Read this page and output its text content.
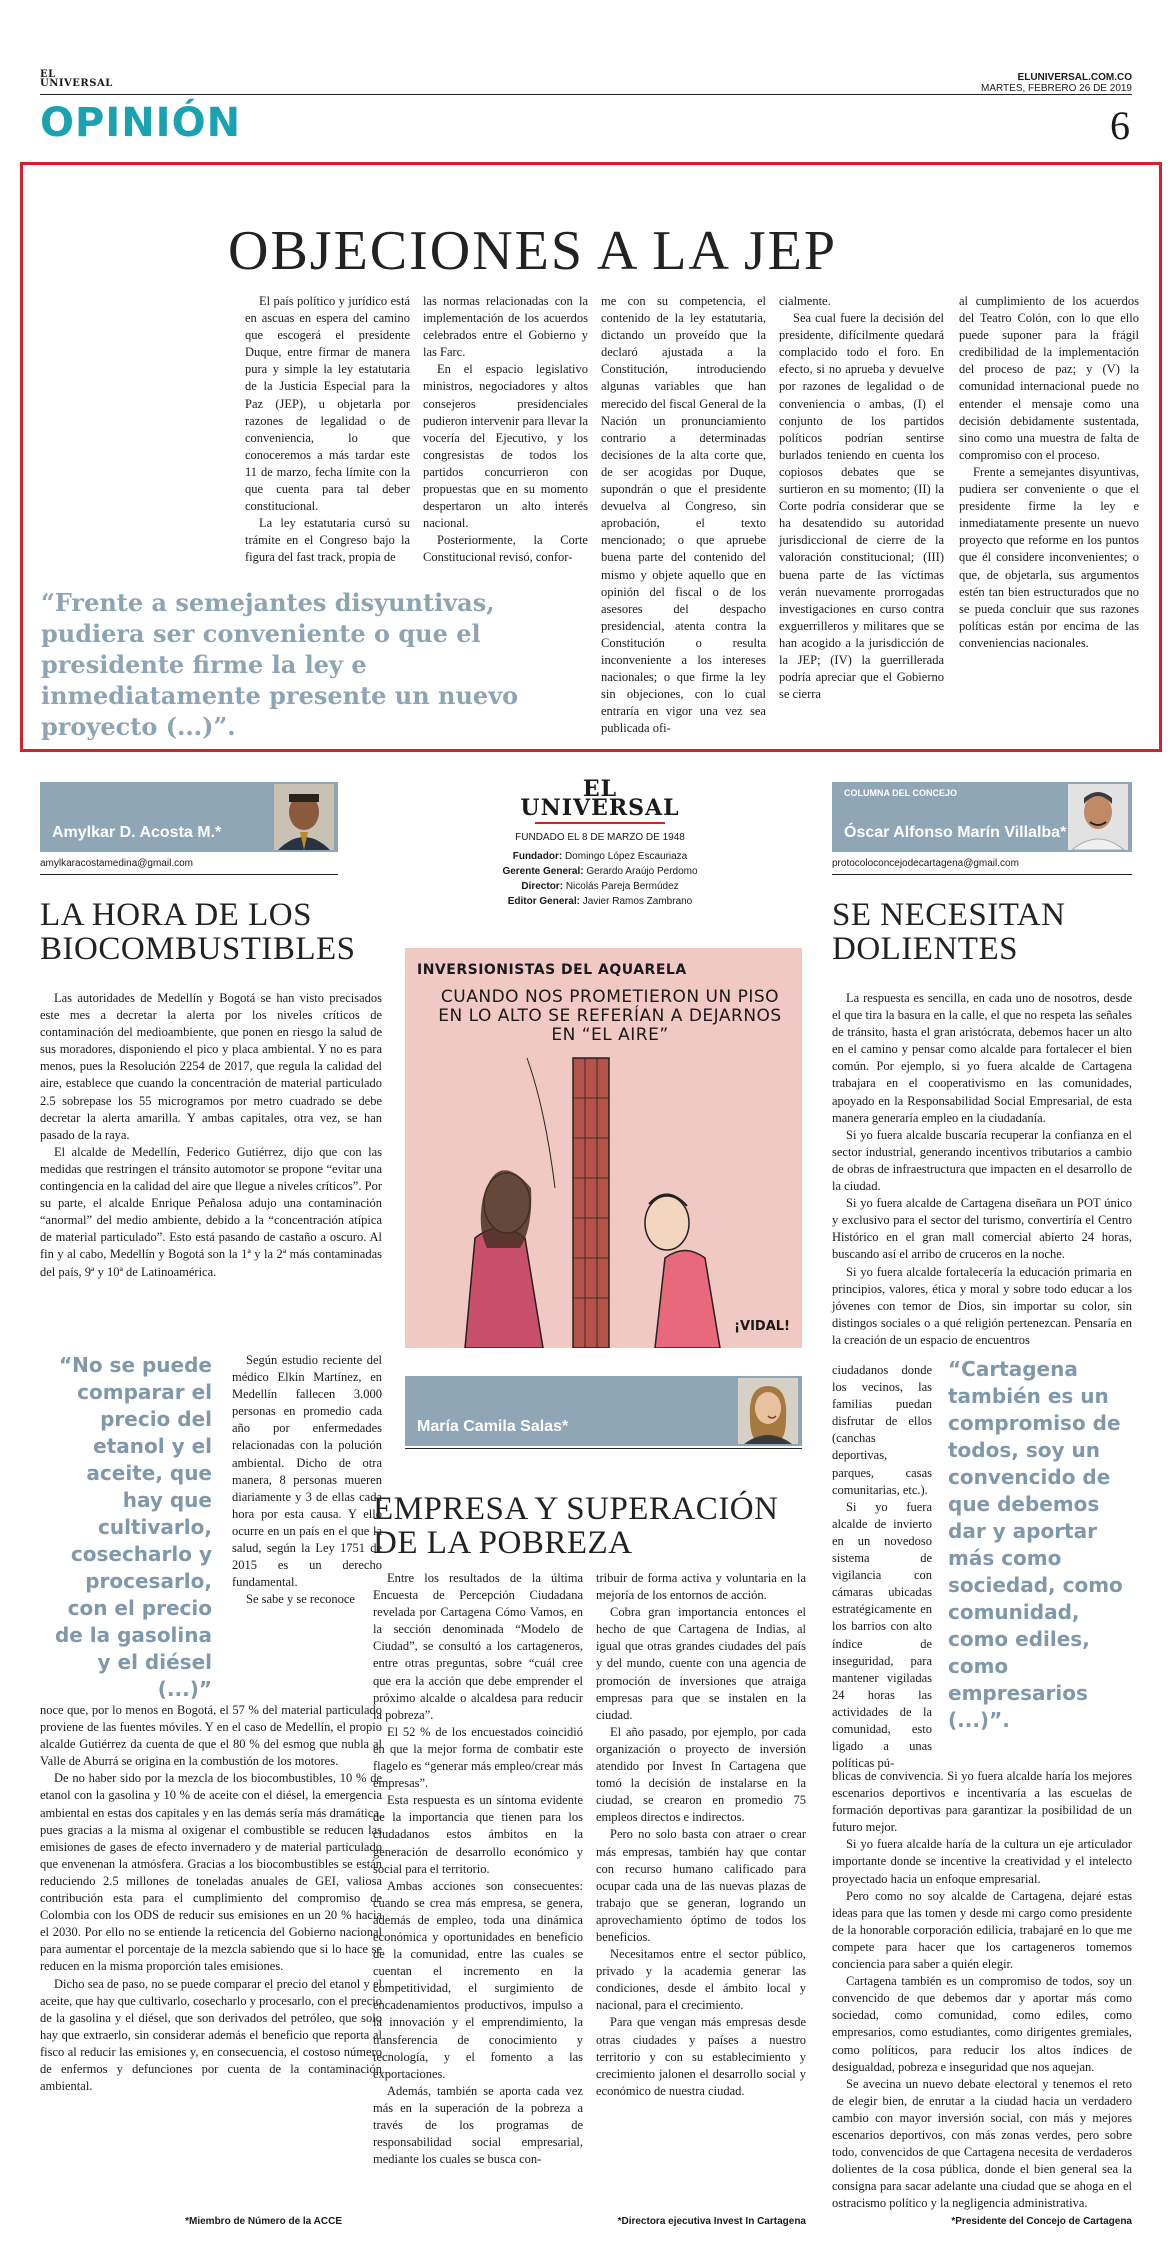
EL
UNIVERSAL
ELUNIVERSAL.COM.CO
MARTES, FEBRERO 26 DE 2019
OPINIÓN	6
OBJECIONES A LA JEP
“Frente a semejantes disyuntivas, pudiera ser conveniente o que el presidente firme la ley e inmediatamente presente un nuevo proyecto (...)”.

El país político y jurídico está en ascuas en espera del camino que escogerá el presidente Duque, entre firmar de manera pura y simple la ley estatutaria de la Justicia Especial para la Paz (JEP), u objetarla por razones de legalidad o de conveniencia, lo que conoceremos a más tardar este 11 de marzo, fecha límite con la que cuenta para tal deber constitucional.

La ley estatutaria cursó su trámite en el Congreso bajo la figura del fast track, propia de

las normas relacionadas con la implementación de los acuerdos celebrados entre el Gobierno y las Farc.

En el espacio legislativo ministros, negociadores y altos consejeros presidenciales pudieron intervenir para llevar la vocería del Ejecutivo, y los congresistas de todos los partidos concurrieron con propuestas que en su momento despertaron un alto interés nacional.

Posteriormente, la Corte Constitucional revisó, confor-

me con su competencia, el contenido de la ley estatutaria, dictando un proveído que la declaró ajustada a la Constitución, introduciendo algunas variables que han merecido del fiscal General de la Nación un pronunciamiento contrario a determinadas decisiones de la alta corte que, de ser acogidas por Duque, supondrán o que el presidente devuelva al Congreso, sin aprobación, el texto mencionado; o que apruebe buena parte del contenido del mismo y objete aquello que en opinión del fiscal o de los asesores del despacho presidencial, atenta contra la Constitución o resulta inconveniente a los intereses nacionales; o que firme la ley sin objeciones, con lo cual entraría en vigor una vez sea publicada ofi-

cialmente.

Sea cual fuere la decisión del presidente, difícilmente quedará complacido todo el foro. En efecto, si no aprueba y devuelve por razones de legalidad o de conveniencia o ambas, (I) el conjunto de los partidos políticos podrían sentirse burlados teniendo en cuenta los copiosos debates que se surtieron en su momento; (II) la Corte podría considerar que se ha desatendido su autoridad jurisdiccional de cierre de la valoración constitucional; (III) buena parte de las víctimas verán nuevamente prorrogadas investigaciones en curso contra exguerrilleros y militares que se han acogido a la jurisdicción de la JEP; (IV) la guerrillerada podría apreciar que el Gobierno se cierra

al cumplimiento de los acuerdos del Teatro Colón, con lo que ello puede suponer para la frágil credibilidad de la implementación del proceso de paz; y (V) la comunidad internacional puede no entender el mensaje como una decisión debidamente sustentada, sino como una muestra de falta de compromiso con el proceso.

Frente a semejantes disyuntivas, pudiera ser conveniente o que el presidente firme la ley e inmediatamente presente un nuevo proyecto que reforme en los puntos que él considere inconvenientes; o que, de objetarla, sus argumentos estén tan bien estructurados que no se pueda concluir que sus razones políticas están por encima de las conveniencias nacionales.

Amylkar D. Acosta M.*
amylkaracostamedina@gmail.com
LA HORA DE LOS
BIOCOMBUSTIBLES

Las autoridades de Medellín y Bogotá se han visto precisados este mes a decretar la alerta por los niveles críticos de contaminación del medioambiente, que ponen en riesgo la salud de sus moradores, disponiendo el pico y placa ambiental. Y no es para menos, pues la Resolución 2254 de 2017, que regula la calidad del aire, establece que cuando la concentración de material particulado 2.5 sobrepase los 55 microgramos por metro cuadrado se debe decretar la alerta amarilla. Y ambas capitales, otra vez, se han pasado de la raya.

El alcalde de Medellín, Federico Gutiérrez, dijo que con las medidas que restringen el tránsito automotor se propone “evitar una contingencia en la calidad del aire que llegue a niveles críticos”. Por su parte, el alcalde Enrique Peñalosa adujo una contaminación “anormal” del medio ambiente, debido a la “concentración atípica de material particulado”. Esto está pasando de castaño a oscuro. Al fin y al cabo, Medellín y Bogotá son la 1ª y la 2ª más contaminadas del país, 9ª y 10ª de Latinoamérica.

“No se puede comparar el precio del etanol y el aceite, que hay que cultivarlo, cosecharlo y procesarlo, con el precio de la gasolina y el diésel (...)”

Según estudio reciente del médico Elkin Martínez, en Medellín fallecen 3.000 personas en promedio cada año por enfermedades relacionadas con la polución ambiental. Dicho de otra manera, 8 personas mueren diariamente y 3 de ellas cada hora por esta causa. Y ello ocurre en un país en el que la salud, según la Ley 1751 de 2015 es un derecho fundamental.

Se sabe y se reconoce

noce que, por lo menos en Bogotá, el 57 % del material particulado proviene de las fuentes móviles. Y en el caso de Medellín, el propio alcalde Gutiérrez da cuenta de que el 80 % del esmog que nubla al Valle de Aburrá se origina en la combustión de los motores.

De no haber sido por la mezcla de los biocombustibles, 10 % de etanol con la gasolina y 10 % de aceite con el diésel, la emergencia ambiental en estas dos capitales y en las demás sería más dramática, pues gracias a la misma al oxigenar el combustible se reducen las emisiones de gases de efecto invernadero y de material particulado que envenenan la atmósfera. Gracias a los biocombustibles se están reduciendo 2.5 millones de toneladas anuales de GEI, valiosa contribución esta para el cumplimiento del compromiso de Colombia con los ODS de reducir sus emisiones en un 20 % hacia el 2030. Por ello no se entiende la reticencia del Gobierno nacional para aumentar el porcentaje de la mezcla sabiendo que si lo hace se reducen en la misma proporción tales emisiones.

Dicho sea de paso, no se puede comparar el precio del etanol y el aceite, que hay que cultivarlo, cosecharlo y procesarlo, con el precio de la gasolina y el diésel, que son derivados del petróleo, que solo hay que extraerlo, sin considerar además el beneficio que reporta al fisco al reducir las emisiones y, en consecuencia, el costoso número de enfermos y defunciones por cuenta de la contaminación ambiental.

*Miembro de Número de la ACCE
EL
UNIVERSAL
FUNDADO EL 8 DE MARZO DE 1948
Fundador: Domingo López Escauriaza
Gerente General: Gerardo Araújo Perdomo
Director: Nicolás Pareja Bermúdez
Editor General: Javier Ramos Zambrano
INVERSIONISTAS DEL AQUARELA
CUANDO NOS PROMETIERON UN PISO EN LO ALTO SE REFERÍAN A DEJARNOS EN “EL AIRE”
¡VIDAL!
María Camila Salas*
EMPRESA Y SUPERACIÓN
DE LA POBREZA

Entre los resultados de la última Encuesta de Percepción Ciudadana revelada por Cartagena Cómo Vamos, en la sección denominada “Modelo de Ciudad”, se consultó a los cartageneros, entre otras preguntas, sobre “cuál cree que era la acción que debe emprender el próximo alcalde o alcaldesa para reducir la pobreza”.

El 52 % de los encuestados coincidió en que la mejor forma de combatir este flagelo es “generar más empleo/crear más empresas”.

Esta respuesta es un síntoma evidente de la importancia que tienen para los ciudadanos estos ámbitos en la generación de desarrollo económico y social para el territorio.

Ambas acciones son consecuentes: cuando se crea más empresa, se genera, además de empleo, toda una dinámica económica y oportunidades en beneficio de la comunidad, entre las cuales se cuentan el incremento en la competitividad, el surgimiento de encadenamientos productivos, impulso a la innovación y el emprendimiento, la transferencia de conocimiento y tecnología, y el fomento a las exportaciones.

Además, también se aporta cada vez más en la superación de la pobreza a través de los programas de responsabilidad social empresarial, mediante los cuales se busca con-

tribuir de forma activa y voluntaria en la mejoría de los entornos de acción.

Cobra gran importancia entonces el hecho de que Cartagena de Indias, al igual que otras grandes ciudades del país y del mundo, cuente con una agencia de promoción de inversiones que atraiga empresas para que se instalen en la ciudad.

El año pasado, por ejemplo, por cada organización o proyecto de inversión atendido por Invest In Cartagena que tomó la decisión de instalarse en la ciudad, se crearon en promedio 75 empleos directos e indirectos.

Pero no solo basta con atraer o crear más empresas, también hay que contar con recurso humano calificado para ocupar cada una de las nuevas plazas de trabajo que se generan, logrando un aprovechamiento óptimo de todos los beneficios.

Necesitamos entre el sector público, privado y la academia generar las condiciones, desde el ámbito local y nacional, para el crecimiento.

Para que vengan más empresas desde otras ciudades y países a nuestro territorio y con su establecimiento y crecimiento jalonen el desarrollo social y económico de nuestra ciudad.

*Directora ejecutiva Invest In Cartagena
COLUMNA DEL CONCEJO
Óscar Alfonso Marín Villalba*
protocoloconcejodecartagena@gmail.com
SE NECESITAN
DOLIENTES

La respuesta es sencilla, en cada uno de nosotros, desde el que tira la basura en la calle, el que no respeta las señales de tránsito, hasta el gran aristócrata, debemos hacer un alto en el camino y pensar como alcalde para fortalecer el bien común. Por ejemplo, si yo fuera alcalde de Cartagena trabajara en el cooperativismo en las comunidades, apoyado en la Responsabilidad Social Empresarial, de esta manera generaría empleo en la ciudadanía.

Si yo fuera alcalde buscaría recuperar la confianza en el sector industrial, generando incentivos tributarios a cambio de obras de infraestructura que impacten en el desarrollo de la ciudad.

Si yo fuera alcalde de Cartagena diseñara un POT único y exclusivo para el sector del turismo, convertiría el Centro Histórico en el gran mall comercial abierto 24 horas, buscando así el arribo de cruceros en la noche.

Si yo fuera alcalde fortalecería la educación primaria en principios, valores, ética y moral y sobre todo educar a los jóvenes con temor de Dios, sin importar su color, sin distingos sociales o a qué religión pertenezcan. Pensaría en la creación de un espacio de encuentros

ciudadanos donde los vecinos, las familias puedan disfrutar de ellos (canchas deportivas, parques, casas comunitarias, etc.).

Si yo fuera alcalde de invierto en un novedoso sistema de vigilancia con cámaras ubicadas estratégicamente en los barrios con alto índice de inseguridad, para mantener vigiladas 24 horas las actividades de la comunidad, esto ligado a unas políticas pú-

“Cartagena también es un compromiso de todos, soy un convencido de que debemos dar y aportar más como sociedad, como comunidad, como ediles, como empresarios (...)”.

blicas de convivencia. Si yo fuera alcalde haría los mejores escenarios deportivos e incentivaría a las escuelas de formación deportivas para garantizar la posibilidad de un futuro mejor.

Si yo fuera alcalde haría de la cultura un eje articulador importante donde se incentive la creatividad y el intelecto proyectado hacia un enfoque empresarial.

Pero como no soy alcalde de Cartagena, dejaré estas ideas para que las tomen y desde mi cargo como presidente de la honorable corporación edilicia, trabajaré en lo que me compete para hacer que los cartageneros tomemos conciencia para saber a quién elegir.

Cartagena también es un compromiso de todos, soy un convencido de que debemos dar y aportar más como sociedad, como comunidad, como ediles, como empresarios, como estudiantes, como dirigentes gremiales, como políticos, para reducir los altos índices de desigualdad, pobreza e inseguridad que nos aquejan.

Se avecina un nuevo debate electoral y tenemos el reto de elegir bien, de enrutar a la ciudad hacia un verdadero cambio con mayor inversión social, con más y mejores escenarios deportivos, con más zonas verdes, pero sobre todo, convencidos de que Cartagena necesita de verdaderos dolientes de la cosa pública, donde el bien general sea la consigna para sacar adelante una ciudad que se ahoga en el ostracismo político y la negligencia administrativa.

*Presidente del Concejo de Cartagena
